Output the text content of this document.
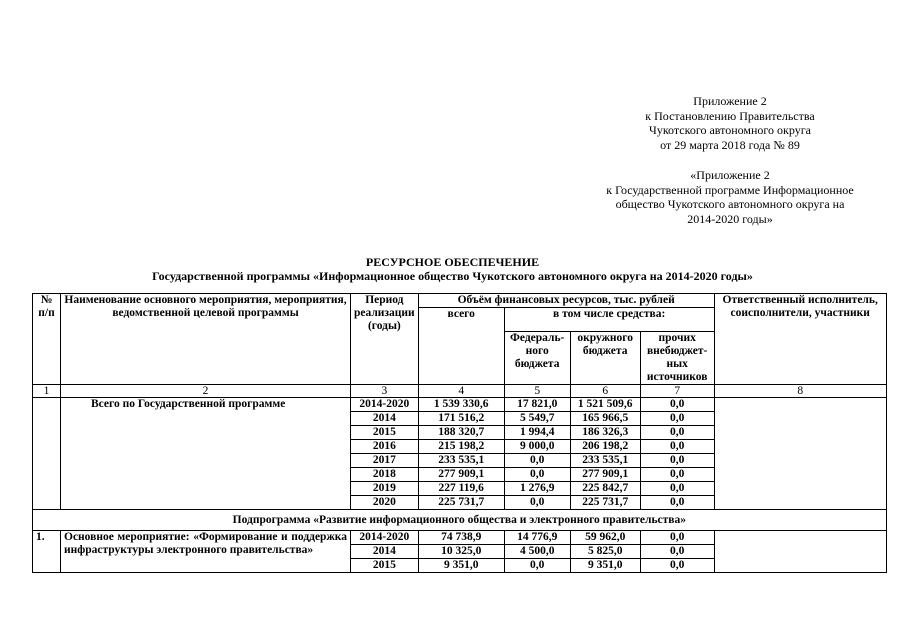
Приложение 2
к Постановлению Правительства
Чукотского автономного округа
от 29 марта 2018 года № 89
«Приложение 2
к Государственной программе Информационное
общество Чукотского автономного округа на
2014-2020 годы»
РЕСУРСНОЕ ОБЕСПЕЧЕНИЕ
Государственной программы «Информационное общество Чукотского автономного округа на 2014-2020 годы»
№ п/п	Наименование основного мероприятия, мероприятия, ведомственной целевой программы	Период реализации (годы)	Объём финансовых ресурсов, тыс. рублей				Ответственный исполнитель, соисполнители, участники
			всего	в том числе средства:			
				Федераль-ного бюджета	окружного бюджета	прочих внебюджет-ных источников	
1	2	3	4	5	6	7	8
	Всего по Государственной программе	2014-2020	1 539 330,6	17 821,0	1 521 509,6	0,0	
		2014	171 516,2	5 549,7	165 966,5	0,0	
		2015	188 320,7	1 994,4	186 326,3	0,0	
		2016	215 198,2	9 000,0	206 198,2	0,0	
		2017	233 535,1	0,0	233 535,1	0,0	
		2018	277 909,1	0,0	277 909,1	0,0	
		2019	227 119,6	1 276,9	225 842,7	0,0	
		2020	225 731,7	0,0	225 731,7	0,0	
Подпрограмма «Развитие информационного общества и электронного правительства»							
1.	Основное мероприятие: «Формирование и поддержка инфраструктуры электронного правительства»	2014-2020	74 738,9	14 776,9	59 962,0	0,0	
		2014	10 325,0	4 500,0	5 825,0	0,0	
		2015	9 351,0	0,0	9 351,0	0,0	
